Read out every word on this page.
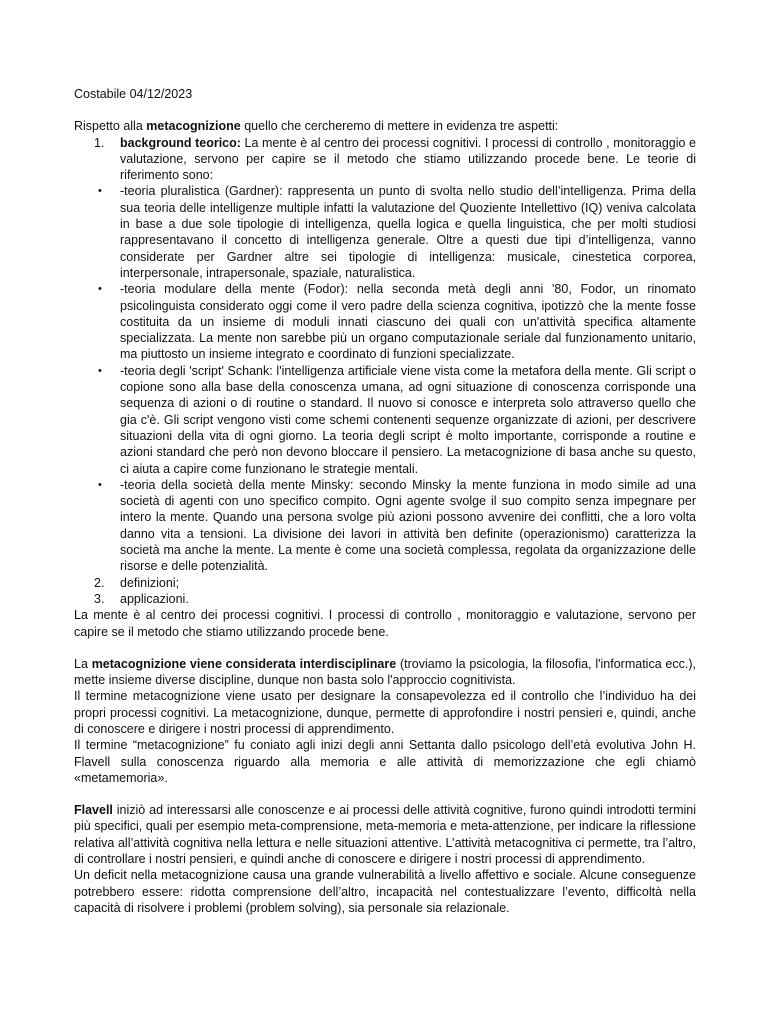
Costabile 04/12/2023

Rispetto alla metacognizione quello che cercheremo di mettere in evidenza tre aspetti:

1. background teorico: La mente è al centro dei processi cognitivi. I processi di controllo , monitoraggio e valutazione, servono per capire se il metodo che stiamo utilizzando procede bene. Le teorie di riferimento sono:
• -teoria pluralistica (Gardner): rappresenta un punto di svolta nello studio dell’intelligenza. Prima della sua teoria delle intelligenze multiple infatti la valutazione del Quoziente Intellettivo (IQ) veniva calcolata in base a due sole tipologie di intelligenza, quella logica e quella linguistica, che per molti studiosi rappresentavano il concetto di intelligenza generale. Oltre a questi due tipi d’intelligenza, vanno considerate per Gardner altre sei tipologie di intelligenza: musicale, cinestetica corporea, interpersonale, intrapersonale, spaziale, naturalistica.
• -teoria modulare della mente (Fodor): nella seconda metà degli anni '80, Fodor, un rinomato psicolinguista considerato oggi come il vero padre della scienza cognitiva, ipotizzò che la mente fosse costituita da un insieme di moduli innati ciascuno dei quali con un'attività specifica altamente specializzata. La mente non sarebbe più un organo computazionale seriale dal funzionamento unitario, ma piuttosto un insieme integrato e coordinato di funzioni specializzate.
• -teoria degli 'script' Schank: l'intelligenza artificiale viene vista come la metafora della mente. Gli script o copione sono alla base della conoscenza umana, ad ogni situazione di conoscenza corrisponde una sequenza di azioni o di routine o standard. Il nuovo si conosce e interpreta solo attraverso quello che gia c'è. Gli script vengono visti come schemi contenenti sequenze organizzate di azioni, per descrivere situazioni della vita di ogni giorno. La teoria degli script è molto importante, corrisponde a routine e azioni standard che però non devono bloccare il pensiero. La metacognizione di basa anche su questo, ci aiuta a capire come funzionano le strategie mentali.
• -teoria della società della mente Minsky: secondo Minsky la mente funziona in modo simile ad una società di agenti con uno specifico compito. Ogni agente svolge il suo compito senza impegnare per intero la mente. Quando una persona svolge più azioni possono avvenire dei conflitti, che a loro volta danno vita a tensioni. La divisione dei lavori in attività ben definite (operazionismo) caratterizza la società ma anche la mente. La mente è come una società complessa, regolata da organizzazione delle risorse e delle potenzialità.
2. definizioni;
3. applicazioni.

La mente è al centro dei processi cognitivi. I processi di controllo , monitoraggio e valutazione, servono per capire se il metodo che stiamo utilizzando procede bene.

La metacognizione viene considerata interdisciplinare (troviamo la psicologia, la filosofia, l'informatica ecc.), mette insieme diverse discipline, dunque non basta solo l'approccio cognitivista.

Il termine metacognizione viene usato per designare la consapevolezza ed il controllo che l’individuo ha dei propri processi cognitivi. La metacognizione, dunque, permette di approfondire i nostri pensieri e, quindi, anche di conoscere e dirigere i nostri processi di apprendimento.

Il termine “metacognizione” fu coniato agli inizi degli anni Settanta dallo psicologo dell’età evolutiva John H. Flavell sulla conoscenza riguardo alla memoria e alle attività di memorizzazione che egli chiamò «metamemoria».

Flavell iniziò ad interessarsi alle conoscenze e ai processi delle attività cognitive, furono quindi introdotti termini più specifici, quali per esempio meta-comprensione, meta-memoria e meta-attenzione, per indicare la riflessione relativa all’attività cognitiva nella lettura e nelle situazioni attentive. L’attività metacognitiva ci permette, tra l’altro, di controllare i nostri pensieri, e quindi anche di conoscere e dirigere i nostri processi di apprendimento.

Un deficit nella metacognizione causa una grande vulnerabilità a livello affettivo e sociale. Alcune conseguenze potrebbero essere: ridotta comprensione dell’altro, incapacità nel contestualizzare l’evento, difficoltà nella capacità di risolvere i problemi (problem solving), sia personale sia relazionale.
